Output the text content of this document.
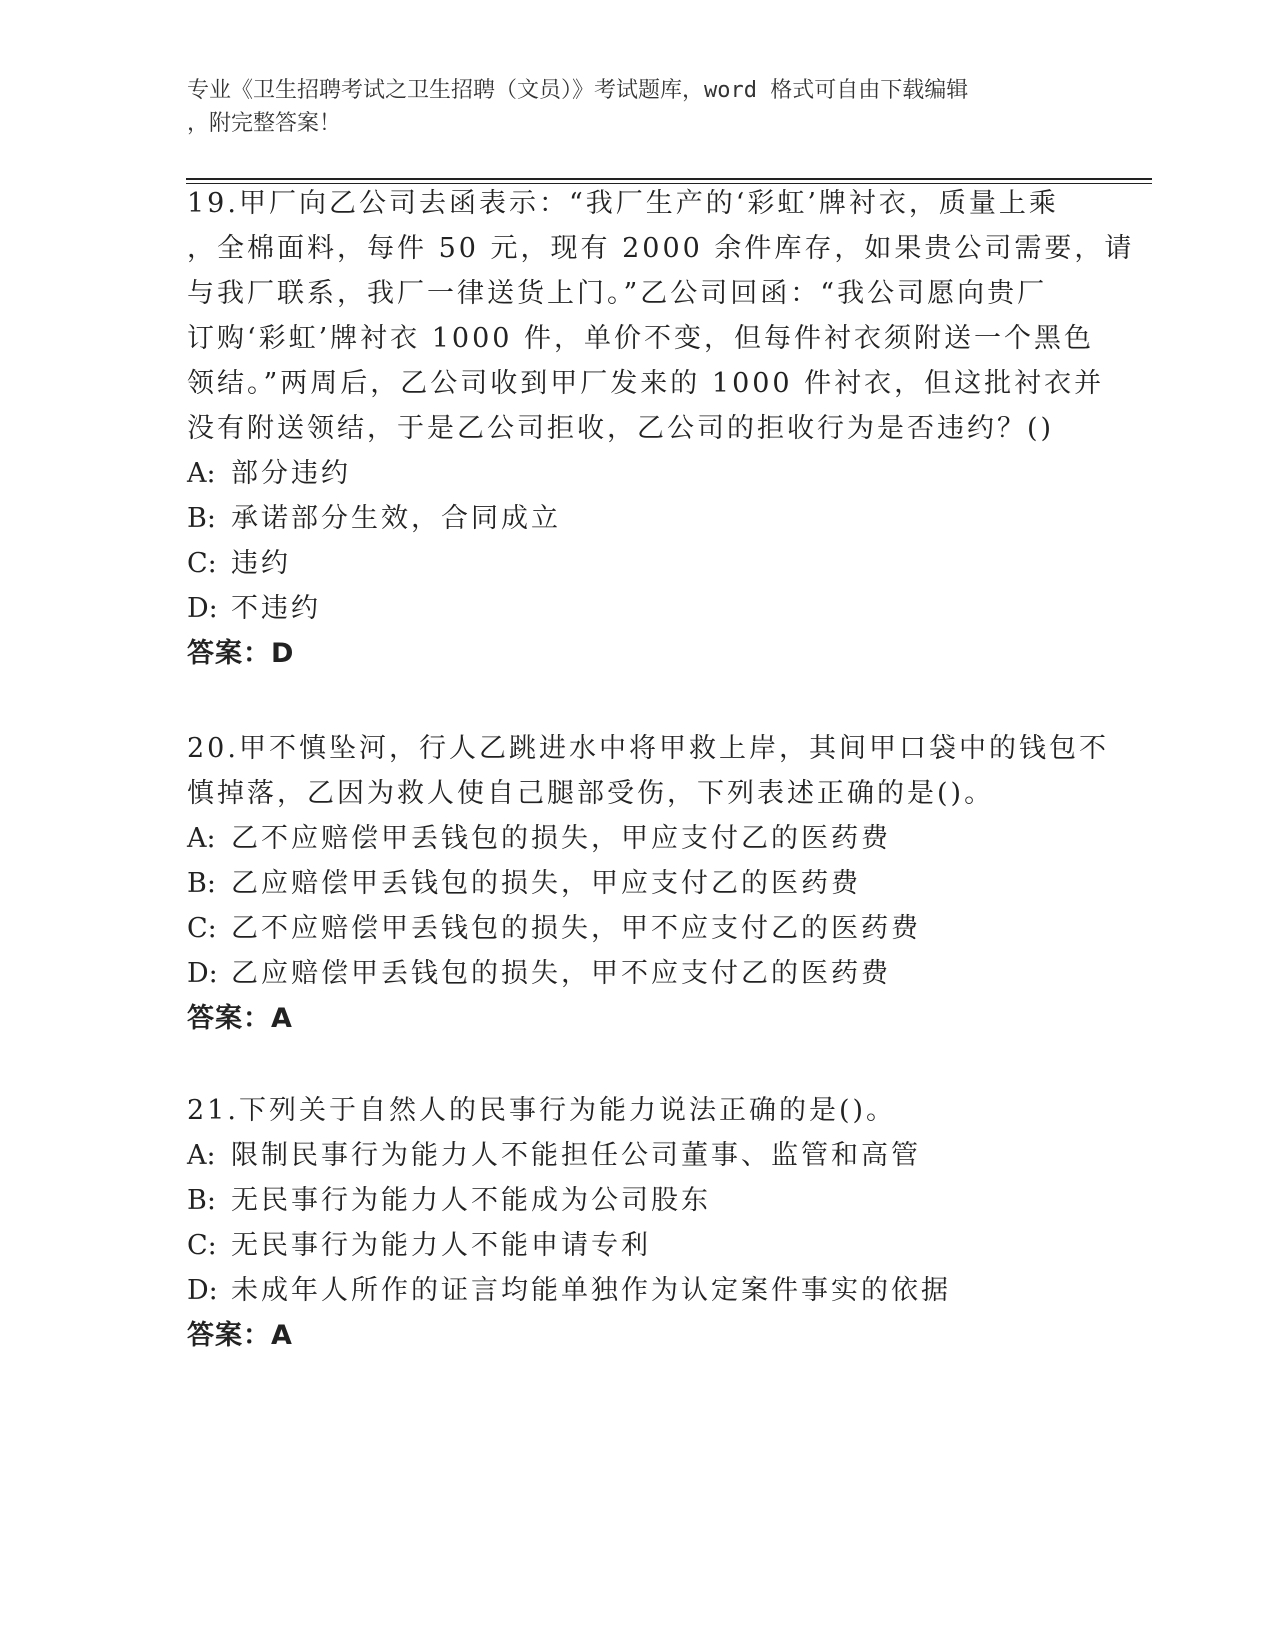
专业《卫生招聘考试之卫生招聘（文员）》考试题库，word 格式可自由下载编辑
，附完整答案！
19.甲厂向乙公司去函表示：“我厂生产的‘彩虹’牌衬衣，质量上乘
，全棉面料，每件 50 元，现有 2000 余件库存，如果贵公司需要，请
与我厂联系，我厂一律送货上门。”乙公司回函：“我公司愿向贵厂
订购‘彩虹’牌衬衣 1000 件，单价不变，但每件衬衣须附送一个黑色
领结。”两周后，乙公司收到甲厂发来的 1000 件衬衣，但这批衬衣并
没有附送领结，于是乙公司拒收，乙公司的拒收行为是否违约？()
A: 部分违约
B: 承诺部分生效，合同成立
C: 违约
D: 不违约
答案：D
20.甲不慎坠河，行人乙跳进水中将甲救上岸，其间甲口袋中的钱包不
慎掉落，乙因为救人使自己腿部受伤，下列表述正确的是()。
A: 乙不应赔偿甲丢钱包的损失，甲应支付乙的医药费
B: 乙应赔偿甲丢钱包的损失，甲应支付乙的医药费
C: 乙不应赔偿甲丢钱包的损失，甲不应支付乙的医药费
D: 乙应赔偿甲丢钱包的损失，甲不应支付乙的医药费
答案：A
21.下列关于自然人的民事行为能力说法正确的是()。
A: 限制民事行为能力人不能担任公司董事、监管和高管
B: 无民事行为能力人不能成为公司股东
C: 无民事行为能力人不能申请专利
D: 未成年人所作的证言均能单独作为认定案件事实的依据
答案：A
